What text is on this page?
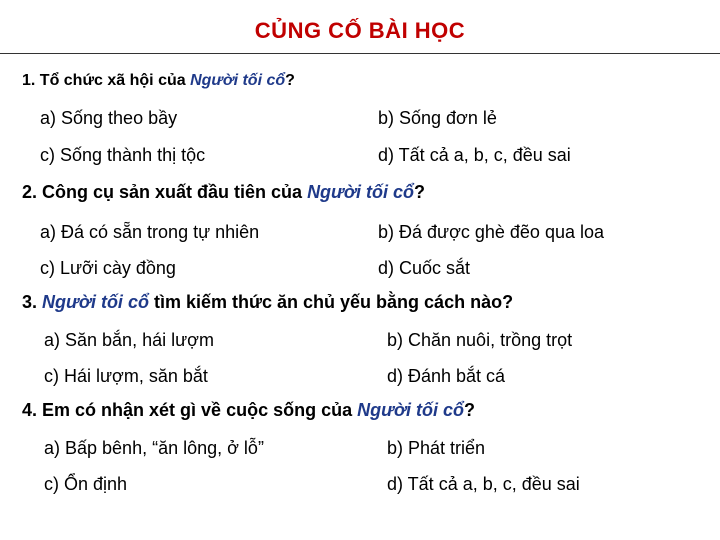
CỦNG CỐ BÀI HỌC
1. Tổ chức xã hội của Người tối cổ?
a) Sống theo bầy	b) Sống đơn lẻ
c) Sống thành thị tộc	d) Tất cả a, b, c, đều sai
2. Công cụ sản xuất đầu tiên của Người tối cổ?
a) Đá có sẵn trong tự nhiên	b) Đá được ghè đẽo qua loa
c) Lưỡi cày đồng	d) Cuốc sắt
3. Người tối cổ tìm kiếm thức ăn chủ yếu bằng cách nào?
a) Săn bắn, hái lượm	b) Chăn nuôi, trồng trọt
c) Hái lượm, săn bắt	d) Đánh bắt cá
4. Em có nhận xét gì về cuộc sống của Người tối cổ?
a) Bấp bênh, “ăn lông, ở lỗ”	b) Phát triển
c) Ổn định	d) Tất cả a, b, c, đều sai
